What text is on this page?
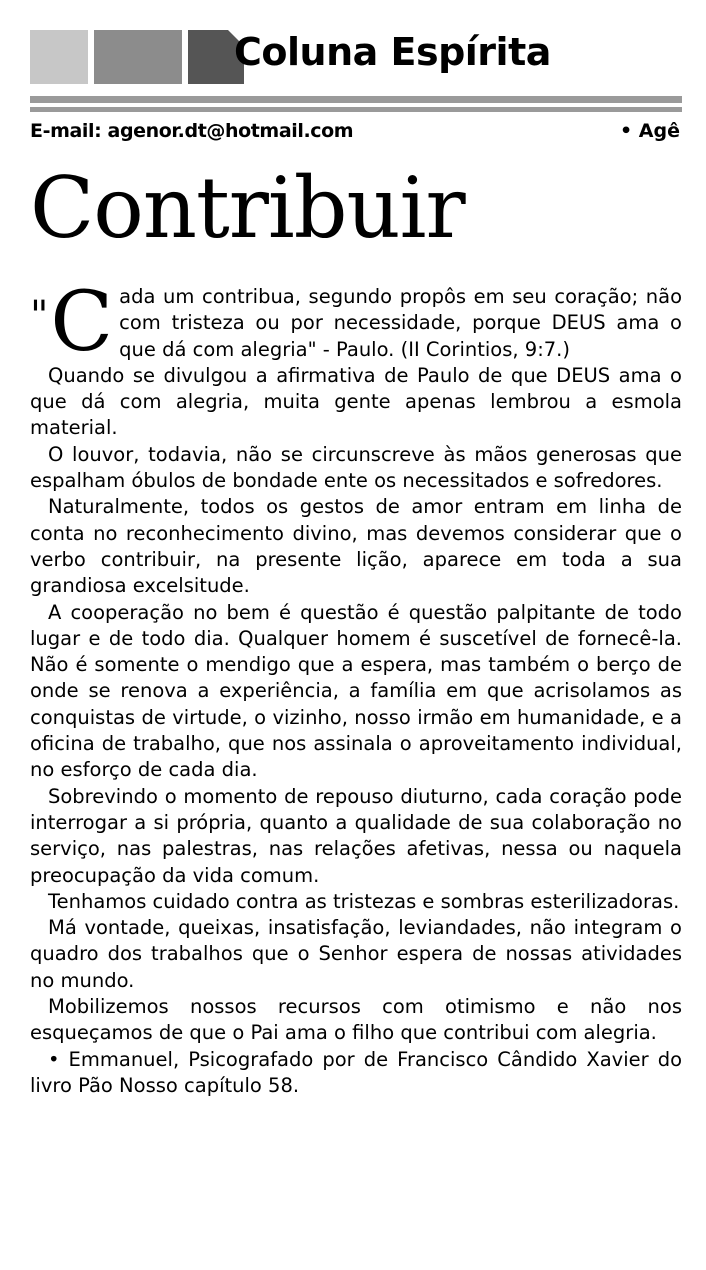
Coluna Espírita
E-mail: agenor.dt@hotmail.com	• Agê
Contribuir

"C ada um contribua, segundo propôs em seu coração; não com tristeza ou por necessidade, porque DEUS ama o que dá com alegria" - Paulo. (II Corintios, 9:7.)

Quando se divulgou a afirmativa de Paulo de que DEUS ama o que dá com alegria, muita gente apenas lembrou a esmola material.

O louvor, todavia, não se circunscreve às mãos generosas que espalham óbulos de bondade ente os necessitados e sofredores.

Naturalmente, todos os gestos de amor entram em linha de conta no reconhecimento divino, mas devemos considerar que o verbo contribuir, na presente lição, aparece em toda a sua grandiosa excelsitude.

A cooperação no bem é questão é questão palpitante de todo lugar e de todo dia. Qualquer homem é suscetível de fornecê-la. Não é somente o mendigo que a espera, mas também o berço de onde se renova a experiência, a família em que acrisolamos as conquistas de virtude, o vizinho, nosso irmão em humanidade, e a oficina de trabalho, que nos assinala o aproveitamento individual, no esforço de cada dia.

Sobrevindo o momento de repouso diuturno, cada coração pode interrogar a si própria, quanto a qualidade de sua colaboração no serviço, nas palestras, nas relações afetivas, nessa ou naquela preocupação da vida comum.

Tenhamos cuidado contra as tristezas e sombras esterilizadoras.

Má vontade, queixas, insatisfação, leviandades, não integram o quadro dos trabalhos que o Senhor espera de nossas atividades no mundo.

Mobilizemos nossos recursos com otimismo e não nos esqueçamos de que o Pai ama o filho que contribui com alegria.

• Emmanuel, Psicografado por de Francisco Cândido Xavier do livro Pão Nosso capítulo 58.
